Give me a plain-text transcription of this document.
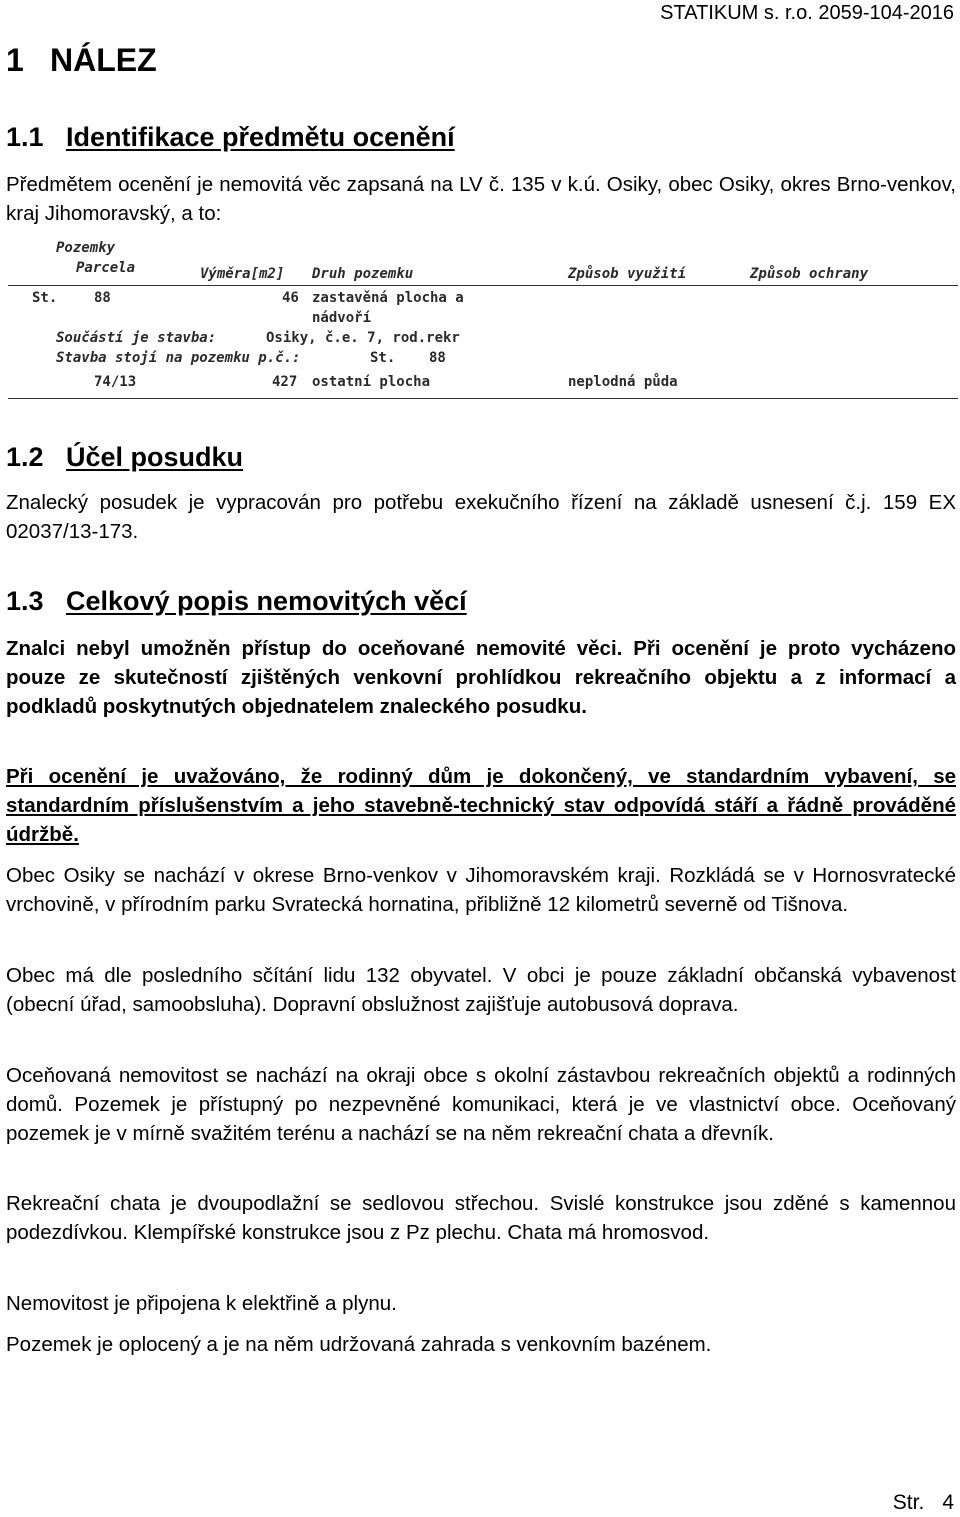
STATIKUM s. r.o. 2059-104-2016
1 NÁLEZ
1.1 Identifikace předmětu ocenění

Předmětem ocenění je nemovitá věc zapsaná na LV č. 135 v k.ú. Osiky, obec Osiky, okres Brno-venkov, kraj Jihomoravský, a to:

Pozemky
Parcela	Výměra[m2] Druh pozemku	Způsob využití	Způsob ochrany
St.	88	46 zastavěná plocha a
nádvoří
Součástí je stavba:	Osiky, č.e. 7, rod.rekr
Stavba stojí na pozemku p.č.:	St.    88
74/13	427 ostatní plocha	neplodná půda
1.2 Účel posudku

Znalecký posudek je vypracován pro potřebu exekučního řízení na základě usnesení č.j. 159 EX 02037/13-173.

1.3 Celkový popis nemovitých věcí

Znalci nebyl umožněn přístup do oceňované nemovité věci. Při ocenění je proto vycházeno pouze ze skutečností zjištěných venkovní prohlídkou rekreačního objektu a z informací a podkladů poskytnutých objednatelem znaleckého posudku.

Při ocenění je uvažováno, že rodinný dům je dokončený, ve standardním vybavení, se standardním příslušenstvím a jeho stavebně-technický stav odpovídá stáří a řádně prováděné údržbě.

Obec Osiky se nachází v okrese Brno-venkov v Jihomoravském kraji. Rozkládá se v Hornosvratecké vrchovině, v přírodním parku Svratecká hornatina, přibližně 12 kilometrů severně od Tišnova.

Obec má dle posledního sčítání lidu 132 obyvatel. V obci je pouze základní občanská vybavenost (obecní úřad, samoobsluha). Dopravní obslužnost zajišťuje autobusová doprava.

Oceňovaná nemovitost se nachází na okraji obce s okolní zástavbou rekreačních objektů a rodinných domů. Pozemek je přístupný po nezpevněné komunikaci, která je ve vlastnictví obce. Oceňovaný pozemek je v mírně svažitém terénu a nachází se na něm rekreační chata a dřevník.

Rekreační chata je dvoupodlažní se sedlovou střechou. Svislé konstrukce jsou zděné s kamennou podezdívkou. Klempířské konstrukce jsou z Pz plechu. Chata má hromosvod.

Nemovitost je připojena k elektřině a plynu.

Pozemek je oplocený a je na něm udržovaná zahrada s venkovním bazénem.

Str. 4
